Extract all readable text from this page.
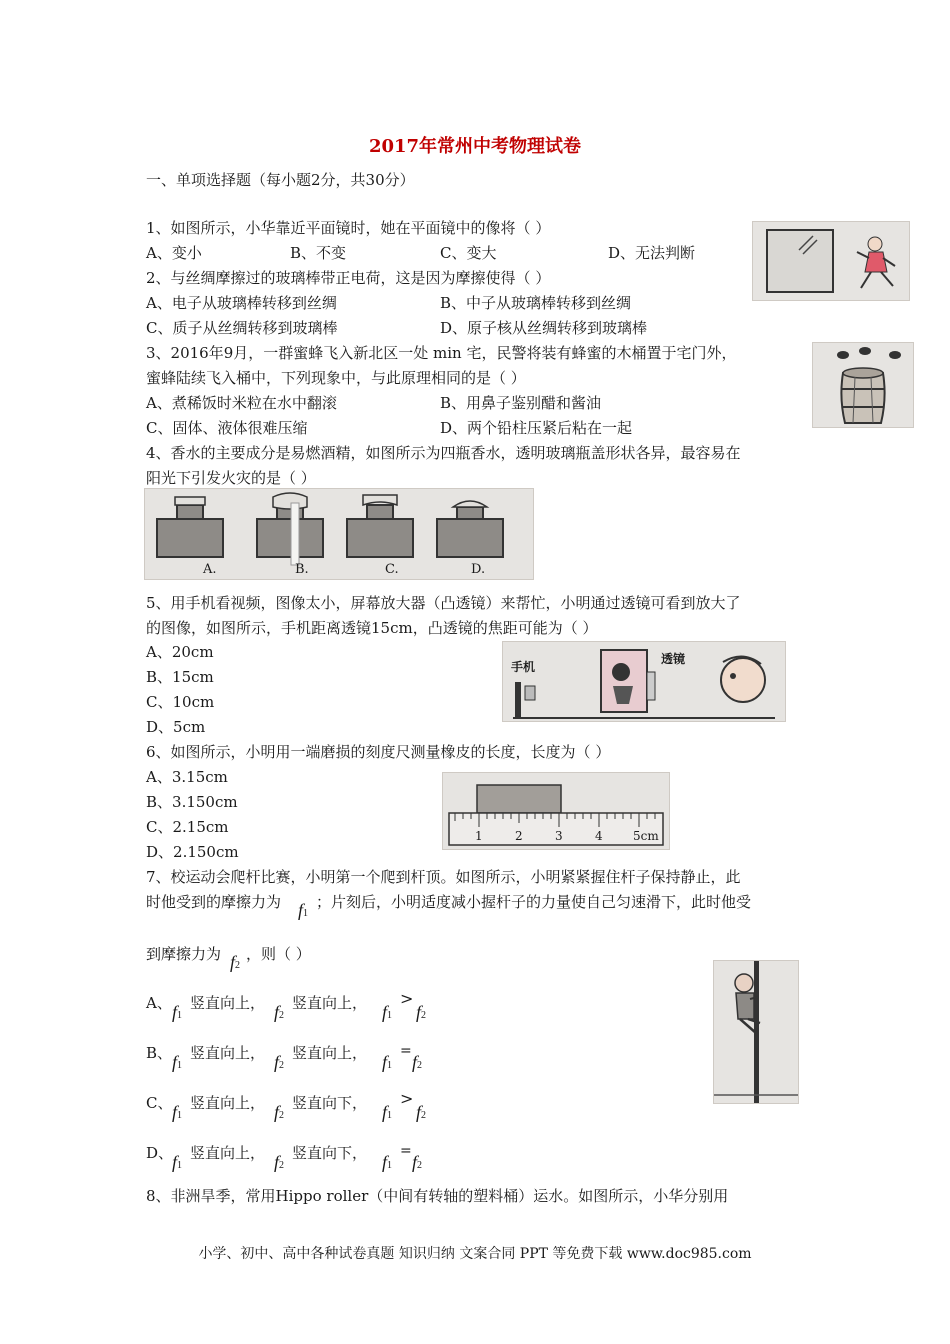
2017年常州中考物理试卷
一、单项选择题（每小题2分，共30分）
1、如图所示，小华靠近平面镜时，她在平面镜中的像将（ ）
A、变小	B、不变	C、变大	D、无法判断
2、与丝绸摩擦过的玻璃棒带正电荷，这是因为摩擦使得（ ）
A、电子从玻璃棒转移到丝绸	B、中子从玻璃棒转移到丝绸
C、质子从丝绸转移到玻璃棒	D、原子核从丝绸转移到玻璃棒
3、2016年9月，一群蜜蜂飞入新北区一处 min 宅，民警将装有蜂蜜的木桶置于宅门外，
蜜蜂陆续飞入桶中，下列现象中，与此原理相同的是（ ）
A、煮稀饭时米粒在水中翻滚	B、用鼻子鉴别醋和酱油
C、固体、液体很难压缩	D、两个铅柱压紧后粘在一起
4、香水的主要成分是易燃酒精，如图所示为四瓶香水，透明玻璃瓶盖形状各异，最容易在
阳光下引发火灾的是（ ）
A.	B.	C.	D.
5、用手机看视频，图像太小，屏幕放大器（凸透镜）来帮忙，小明通过透镜可看到放大了
的图像，如图所示，手机距离透镜15cm，凸透镜的焦距可能为（ ）
A、20cm
B、15cm
C、10cm
D、5cm
手机
透镜
6、如图所示，小明用一端磨损的刻度尺测量橡皮的长度，长度为（ ）
A、3.15cm
B、3.150cm
C、2.15cm
D、2.150cm
1	2	3	4	5cm
7、校运动会爬杆比赛，小明第一个爬到杆顶。如图所示，小明紧紧握住杆子保持静止，此
时他受到的摩擦力为 f1
；片刻后，小明适度减小握杆子的力量使自己匀速滑下，此时他受
到摩擦力为 f2
，则（ ）
A、 f1
竖直向上， f2
竖直向上， f1
>
f2
B、 f1
竖直向上， f2
竖直向上， f1
=
f2
C、 f1
竖直向上， f2
竖直向下， f1
>
f2
D、
f1
竖直向上， f2
竖直向下， f1
=
f2
8、非洲旱季，常用Hippo roller（中间有转轴的塑料桶）运水。如图所示，小华分别用
小学、初中、高中各种试卷真题 知识归纳 文案合同 PPT 等免费下载 www.doc985.com
